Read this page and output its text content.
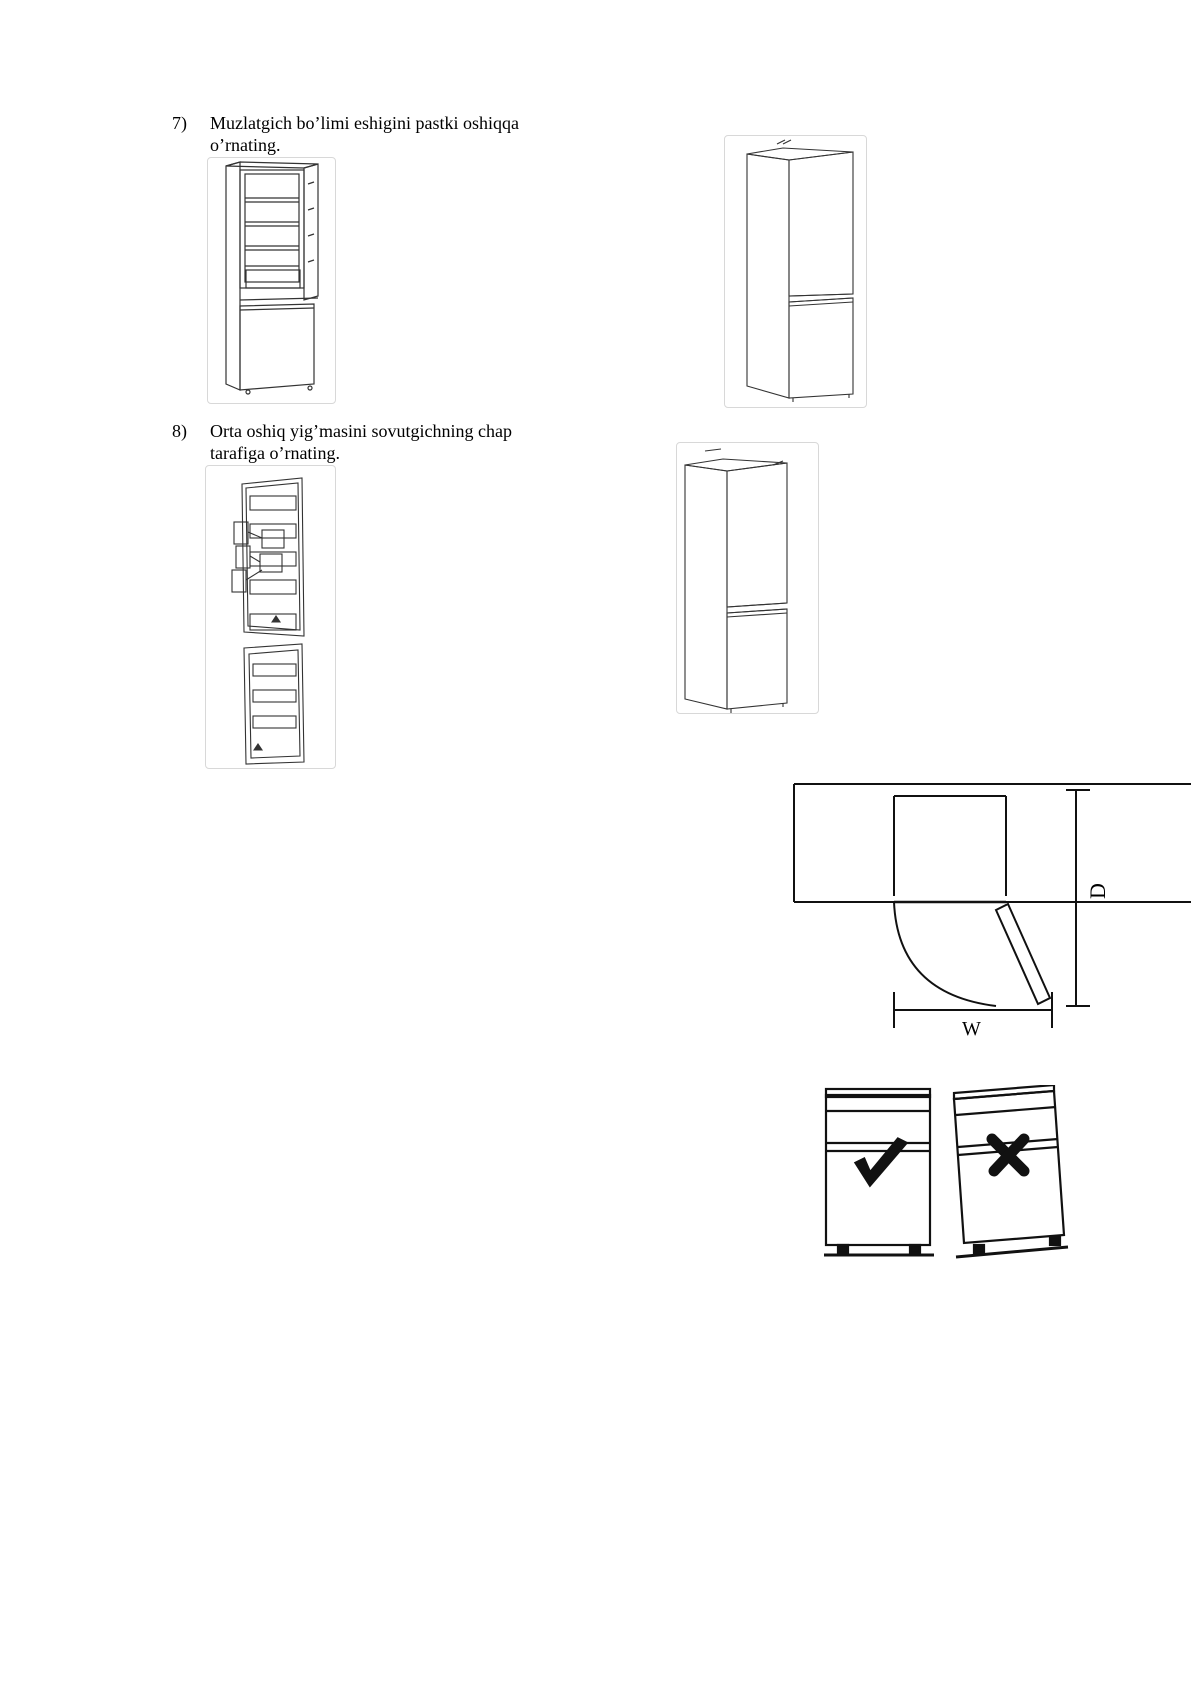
7) Muzlatgich bo’limi eshigini pastki oshiqqa o’rnating.
8) Orta oshiq yig’masini sovutgichning chap tarafiga o’rnating.
D
W
